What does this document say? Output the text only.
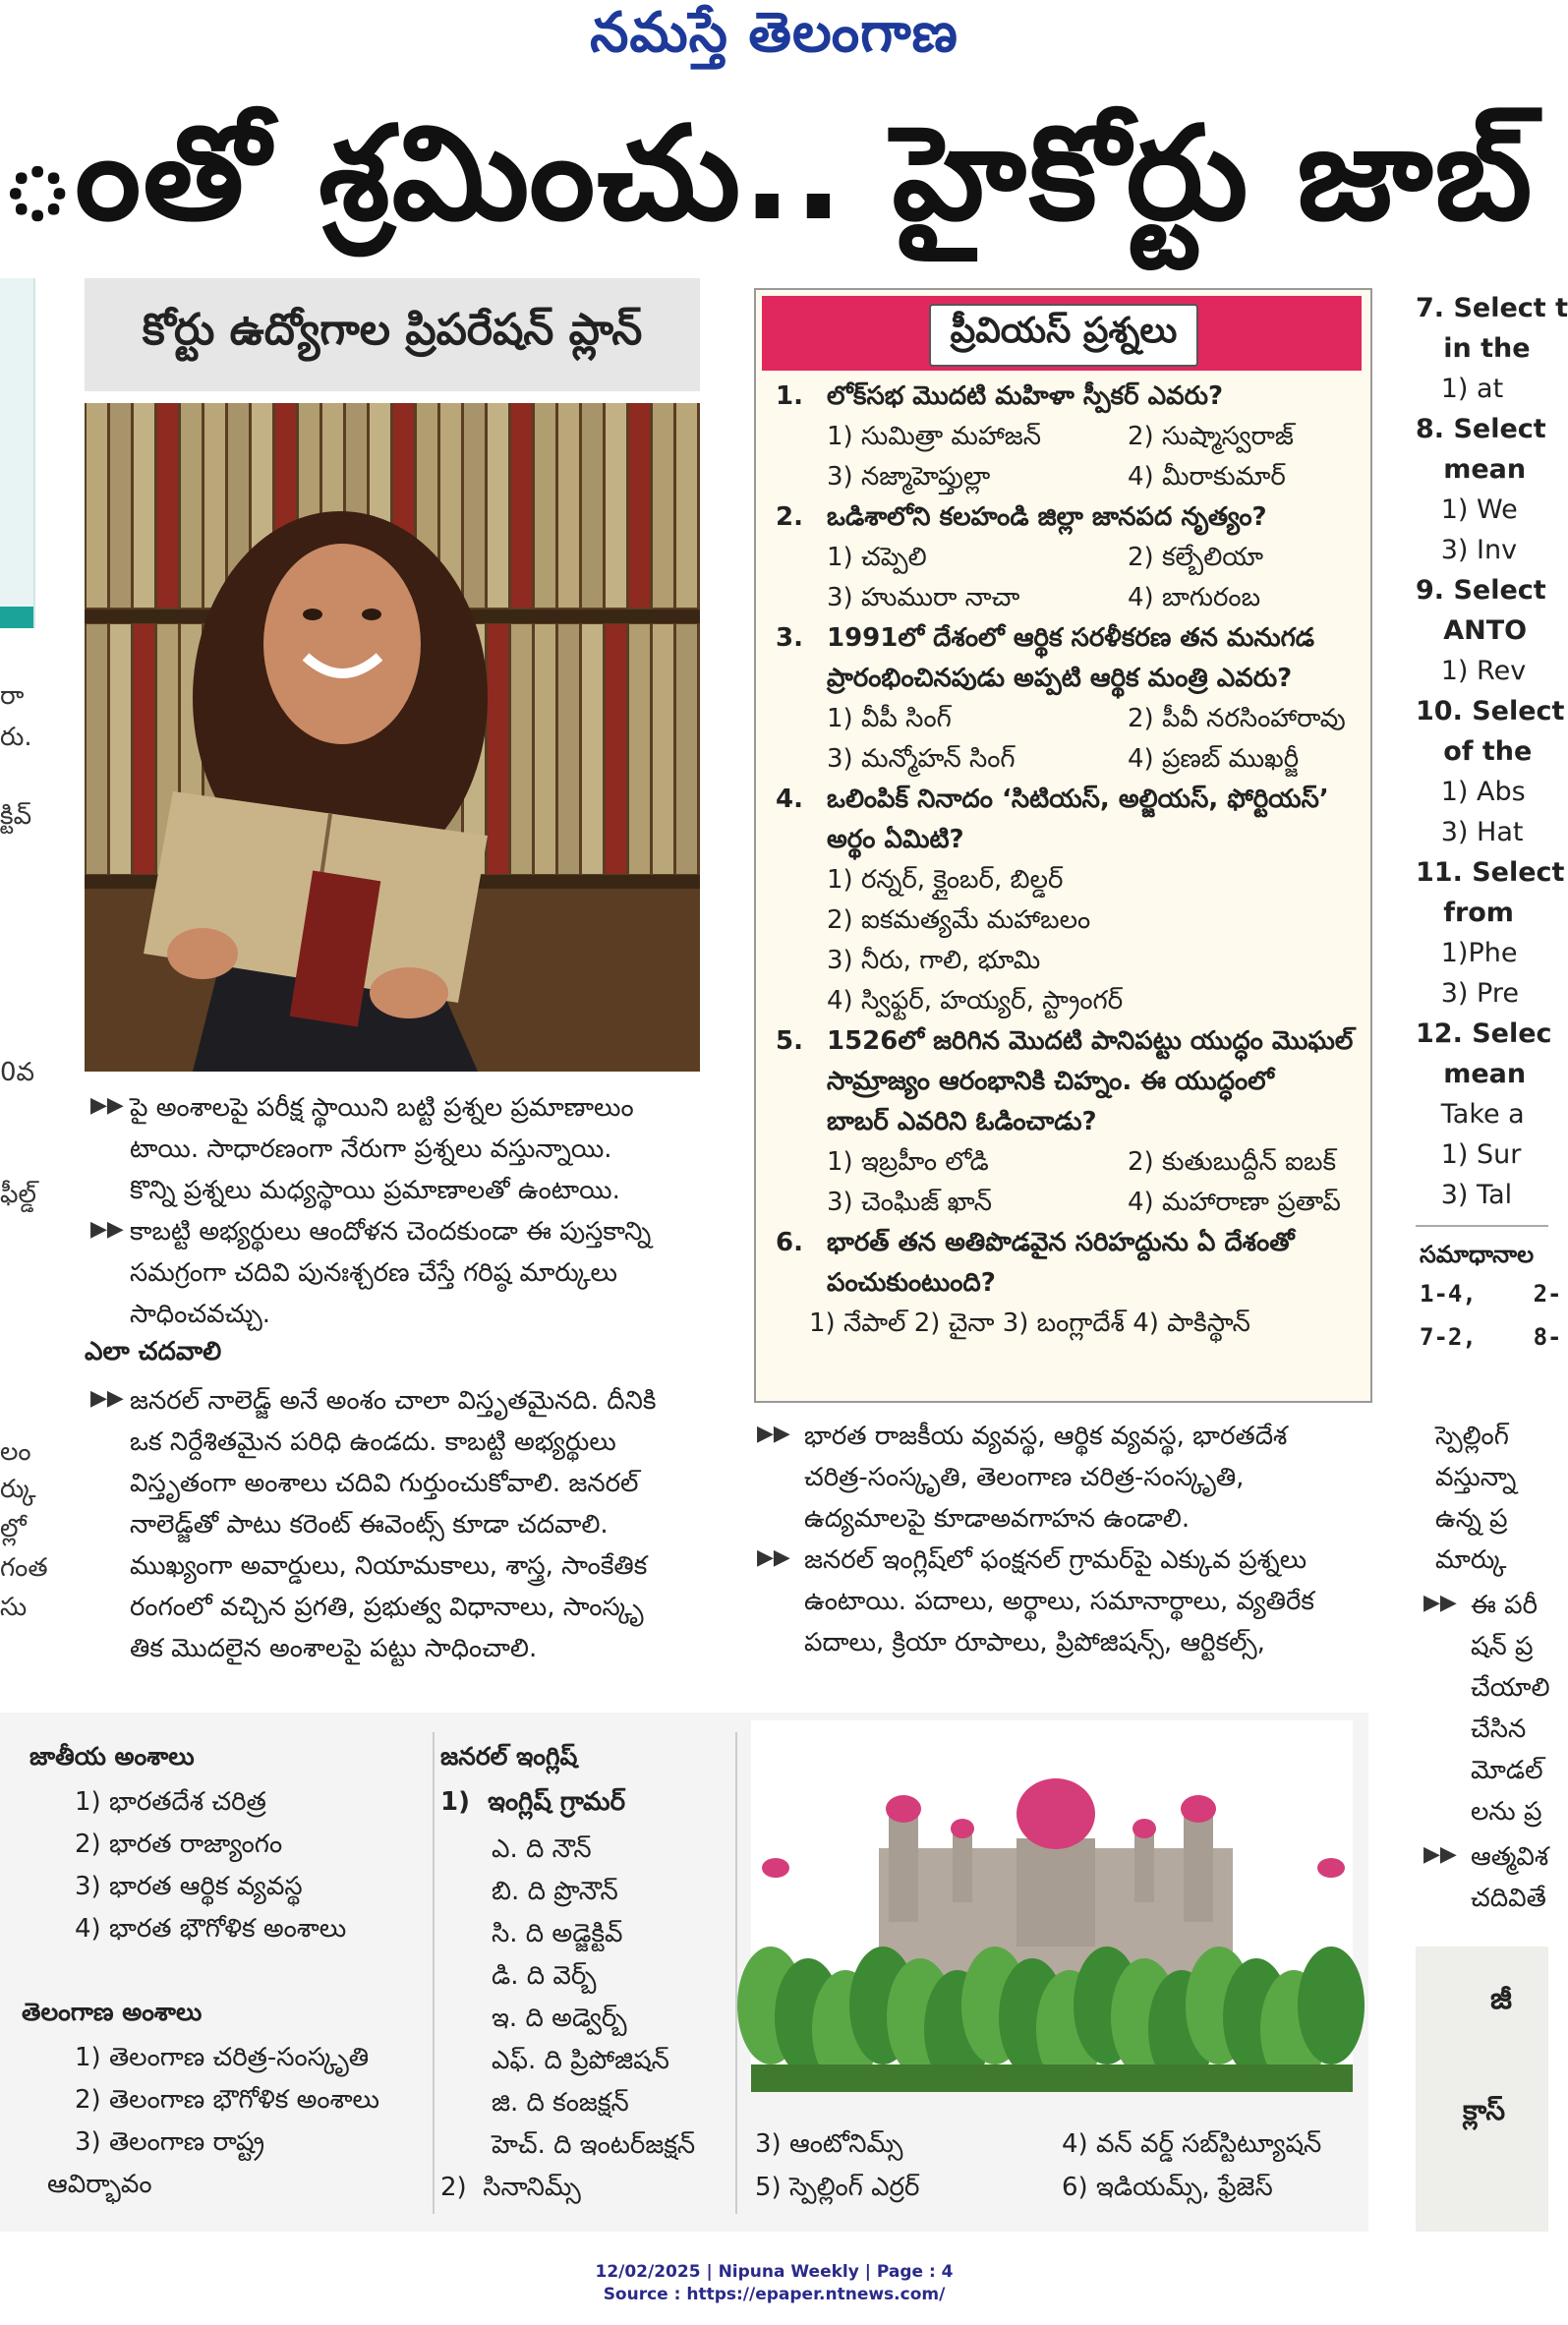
నమస్తే తెలంగాణ
ంతో శ్రమించు.. హైకోర్టు జాబ్
రా
రు.
క్టివ్
0వ
ఫీల్డ్
లం
ర్కు
ల్లో
గంత
సు
కోర్టు ఉద్యోగాల ప్రిపరేషన్ ప్లాన్
▶▶ పై అంశాలపై పరీక్ష స్థాయిని బట్టి ప్రశ్నల ప్రమాణాలుం
టాయి. సాధారణంగా నేరుగా ప్రశ్నలు వస్తున్నాయి.
కొన్ని ప్రశ్నలు మధ్యస్థాయి ప్రమాణాలతో ఉంటాయి.
▶▶ కాబట్టి అభ్యర్థులు ఆందోళన చెందకుండా ఈ పుస్తకాన్ని
సమగ్రంగా చదివి పునఃశ్చరణ చేస్తే గరిష్ఠ మార్కులు
సాధించవచ్చు.
ఎలా చదవాలి
▶▶ జనరల్ నాలెడ్జ్ అనే అంశం చాలా విస్తృతమైనది. దీనికి
ఒక నిర్దేశితమైన పరిధి ఉండదు. కాబట్టి అభ్యర్థులు
విస్తృతంగా అంశాలు చదివి గుర్తుంచుకోవాలి. జనరల్
నాలెడ్జ్‌తో పాటు కరెంట్ ఈవెంట్స్ కూడా చదవాలి.
ముఖ్యంగా అవార్డులు, నియామకాలు, శాస్త్ర, సాంకేతిక
రంగంలో వచ్చిన ప్రగతి, ప్రభుత్వ విధానాలు, సాంస్కృ
తిక మొదలైన అంశాలపై పట్టు సాధించాలి.
ప్రీవియస్ ప్రశ్నలు
1. లోక్‌సభ మొదటి మహిళా స్పీకర్ ఎవరు?
1) సుమిత్రా మహాజన్	2) సుష్మాస్వరాజ్
3) నజ్మాహెప్తుల్లా	4) మీరాకుమార్
2. ఒడిశాలోని కలహండి జిల్లా జానపద నృత్యం?
1) చప్పెలి	2) కల్బేలియా
3) హుమురా నాచా	4) బాగురంబ
3. 1991లో దేశంలో ఆర్థిక సరళీకరణ తన మనుగడ
ప్రారంభించినపుడు అప్పటి ఆర్థిక మంత్రి ఎవరు?
1) వీపీ సింగ్	2) పీవీ నరసింహారావు
3) మన్మోహన్ సింగ్	4) ప్రణబ్ ముఖర్జీ
4. ఒలింపిక్ నినాదం ‘సిటియస్, అల్జియస్, ఫోర్టియస్’
అర్థం ఏమిటి?
1) రన్నర్, క్లైంబర్, బిల్డర్
2) ఐకమత్యమే మహాబలం
3) నీరు, గాలి, భూమి
4) స్విఫ్టర్, హయ్యర్, స్ట్రాంగర్
5. 1526లో జరిగిన మొదటి పానిపట్టు యుద్ధం మొఘల్
సామ్రాజ్యం ఆరంభానికి చిహ్నం. ఈ యుద్ధంలో
బాబర్ ఎవరిని ఓడించాడు?
1) ఇబ్రహీం లోడి	2) కుతుబుద్దీన్ ఐబక్
3) చెంఘిజ్ ఖాన్	4) మహారాణా ప్రతాప్
6. భారత్ తన అతిపొడవైన సరిహద్దును ఏ దేశంతో
పంచుకుంటుంది?
1) నేపాల్ 2) చైనా 3) బంగ్లాదేశ్ 4) పాకిస్థాన్
▶▶ భారత రాజకీయ వ్యవస్థ, ఆర్థిక వ్యవస్థ, భారతదేశ
చరిత్ర-సంస్కృతి, తెలంగాణ చరిత్ర-సంస్కృతి,
ఉద్యమాలపై కూడాఅవగాహన ఉండాలి.
▶▶ జనరల్ ఇంగ్లిష్‌లో ఫంక్షనల్ గ్రామర్‌పై ఎక్కువ ప్రశ్నలు
ఉంటాయి. పదాలు, అర్థాలు, సమానార్థాలు, వ్యతిరేక
పదాలు, క్రియా రూపాలు, ప్రిపోజిషన్స్, ఆర్టికల్స్,
7. Select t
in the
1) at
8. Select
mean
1) We
3) Inv
9. Select
ANTO
1) Rev
10. Select
of the
1) Abs
3) Hat
11. Select
from
1)Phe
3) Pre
12. Selec
mean
Take a
1) Sur
3) Tal
సమాధానాల
1-4,    2-
7-2,    8-
స్పెల్లింగ్
వస్తున్నా
ఉన్న ప్ర
మార్కు
▶▶ ఈ పరీ
షన్ ప్ర
చేయాలి
చేసిన
మోడల్
లను ప్ర
▶▶ ఆత్మవిశ
చదివితే
జాతీయ అంశాలు
1) భారతదేశ చరిత్ర
2) భారత రాజ్యాంగం
3) భారత ఆర్థిక వ్యవస్థ
4) భారత భౌగోళిక అంశాలు
తెలంగాణ అంశాలు
1) తెలంగాణ చరిత్ర-సంస్కృతి
2) తెలంగాణ భౌగోళిక అంశాలు
3) తెలంగాణ రాష్ట్ర
ఆవిర్భావం
జనరల్ ఇంగ్లిష్
1)  ఇంగ్లిష్ గ్రామర్
ఎ. ది నౌన్
బి. ది ప్రొనౌన్
సి. ది అడ్జెక్టివ్
డి. ది వెర్బ్
ఇ. ది అడ్వెర్బ్
ఎఫ్. ది ప్రిపోజిషన్
జి. ది కంజక్షన్
హెచ్. ది ఇంటర్‌జక్షన్
2)  సినానిమ్స్
3) ఆంటోనిమ్స్	4) వన్ వర్డ్ సబ్‌స్టిట్యూషన్
5) స్పెల్లింగ్ ఎర్రర్	6) ఇడియమ్స్, ఫ్రేజెస్
జీ
క్లాస్
12/02/2025 | Nipuna Weekly | Page : 4
Source : https://epaper.ntnews.com/
